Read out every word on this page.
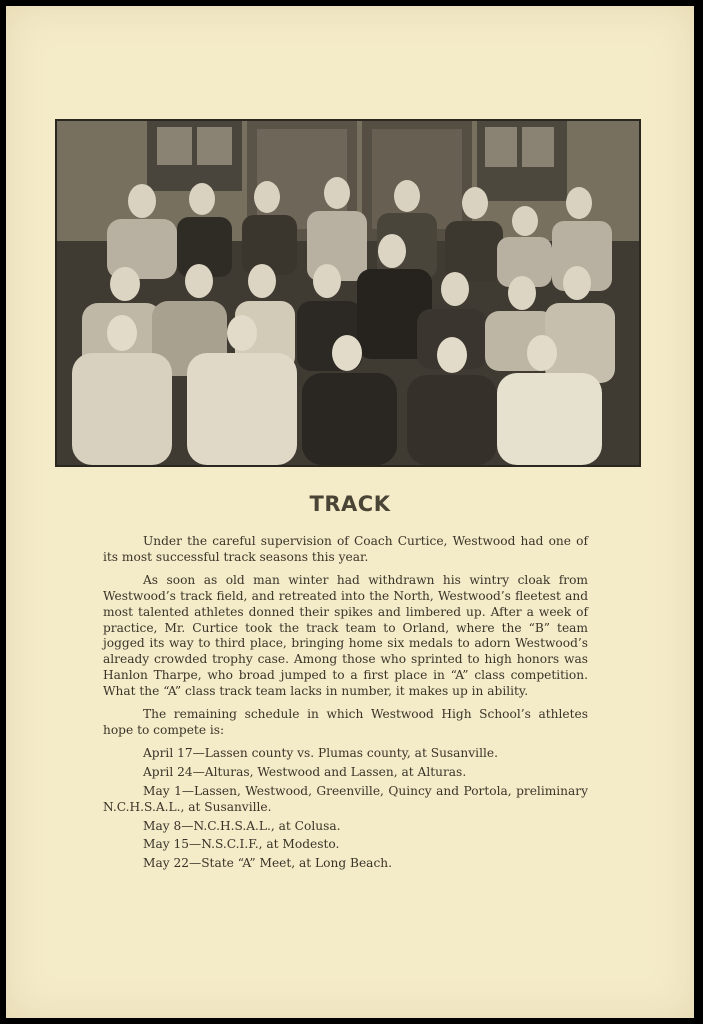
TRACK

Under the careful supervision of Coach Curtice, Westwood had one of its most successful track seasons this year.

As soon as old man winter had withdrawn his wintry cloak from Westwood’s track field, and retreated into the North, Westwood’s fleetest and most talented athletes donned their spikes and limbered up. After a week of practice, Mr. Curtice took the track team to Orland, where the “B” team jogged its way to third place, bringing home six medals to adorn Westwood’s already crowded trophy case. Among those who sprinted to high honors was Hanlon Tharpe, who broad jumped to a first place in “A” class competition. What the “A” class track team lacks in number, it makes up in ability.

The remaining schedule in which Westwood High School’s athletes hope to compete is:

April 17—Lassen county vs. Plumas county, at Susanville.

April 24—Alturas, Westwood and Lassen, at Alturas.

May 1—Lassen, Westwood, Greenville, Quincy and Portola, preliminary N.C.H.S.A.L., at Susanville.

May 8—N.C.H.S.A.L., at Colusa.

May 15—N.S.C.I.F., at Modesto.

May 22—State “A” Meet, at Long Beach.
